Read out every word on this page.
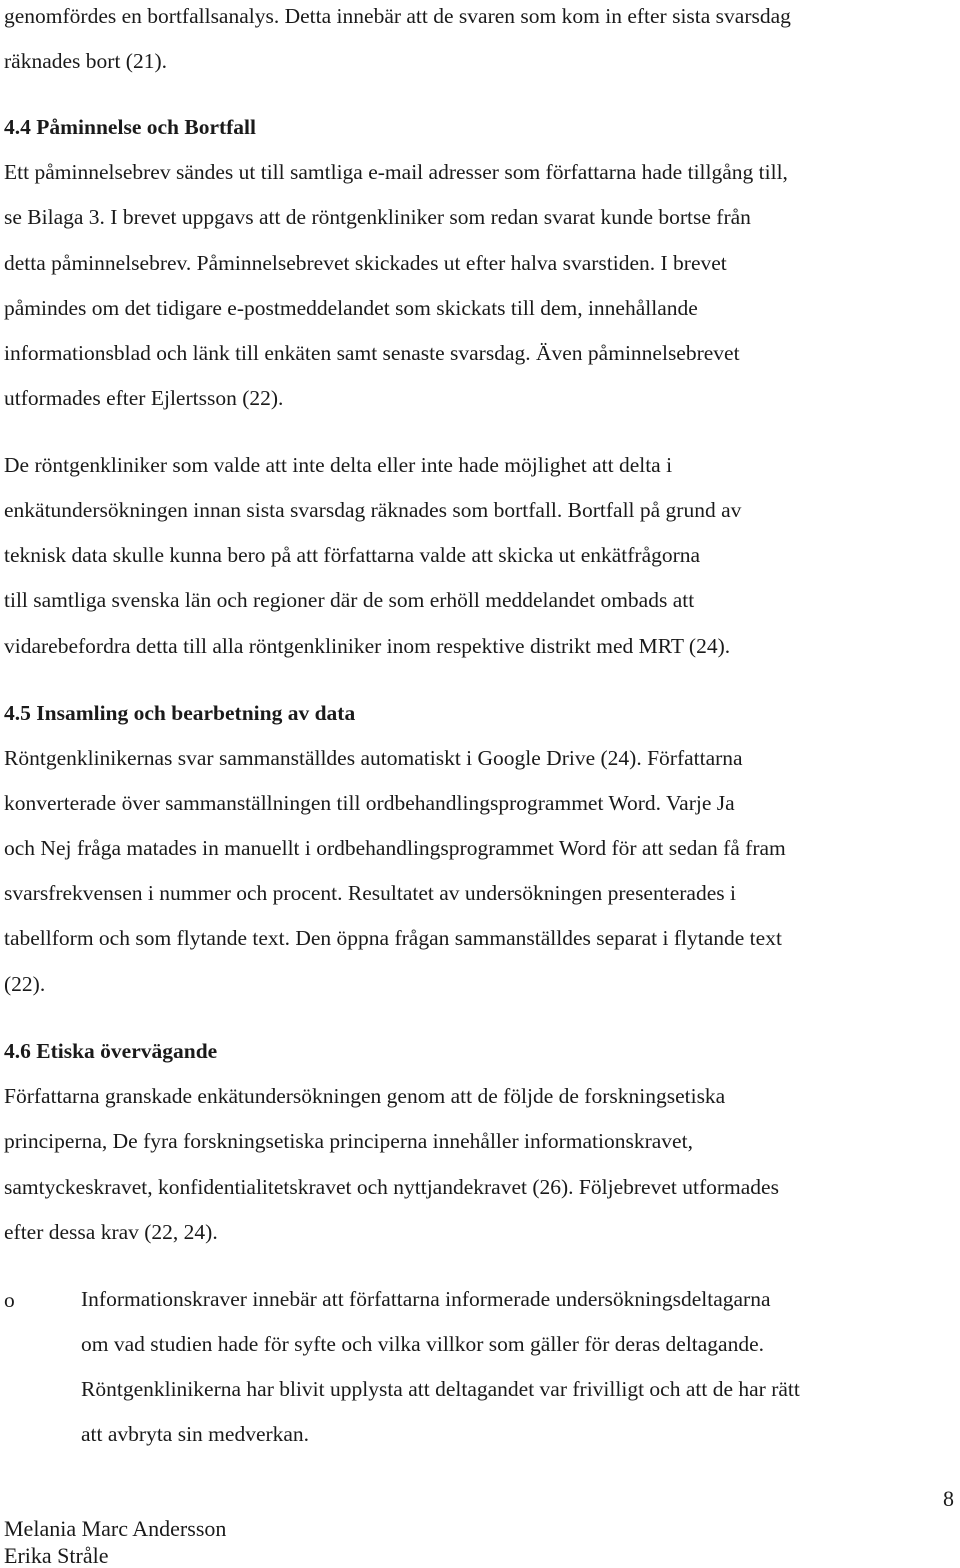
genomfördes en bortfallsanalys. Detta innebär att de svaren som kom in efter sista svarsdag
räknades bort (21).
4.4 Påminnelse och Bortfall
Ett påminnelsebrev sändes ut till samtliga e-mail adresser som författarna hade tillgång till,
se Bilaga 3. I brevet uppgavs att de röntgenkliniker som redan svarat kunde bortse från
detta påminnelsebrev. Påminnelsebrevet skickades ut efter halva svarstiden. I brevet
påmindes om det tidigare e-postmeddelandet som skickats till dem, innehållande
informationsblad och länk till enkäten samt senaste svarsdag. Även påminnelsebrevet
utformades efter Ejlertsson (22).
De röntgenkliniker som valde att inte delta eller inte hade möjlighet att delta i
enkätundersökningen innan sista svarsdag räknades som bortfall. Bortfall på grund av
teknisk data skulle kunna bero på att författarna valde att skicka ut enkätfrågorna
till samtliga svenska län och regioner där de som erhöll meddelandet ombads att
vidarebefordra detta till alla röntgenkliniker inom respektive distrikt med MRT (24).
4.5 Insamling och bearbetning av data
Röntgenklinikernas svar sammanställdes automatiskt i Google Drive (24). Författarna
konverterade över sammanställningen till ordbehandlingsprogrammet Word. Varje Ja
och Nej fråga matades in manuellt i ordbehandlingsprogrammet Word för att sedan få fram
svarsfrekvensen i nummer och procent. Resultatet av undersökningen presenterades i
tabellform och som flytande text. Den öppna frågan sammanställdes separat i flytande text
(22).
4.6 Etiska övervägande
Författarna granskade enkätundersökningen genom att de följde de forskningsetiska
principerna, De fyra forskningsetiska principerna innehåller informationskravet,
samtyckeskravet, konfidentialitetskravet och nyttjandekravet (26). Följebrevet utformades
efter dessa krav (22, 24).
o	Informationskraver innebär att författarna informerade undersökningsdeltagarna
om vad studien hade för syfte och vilka villkor som gäller för deras deltagande.
Röntgenklinikerna har blivit upplysta att deltagandet var frivilligt och att de har rätt
att avbryta sin medverkan.
8
Melania Marc Andersson
Erika Stråle
